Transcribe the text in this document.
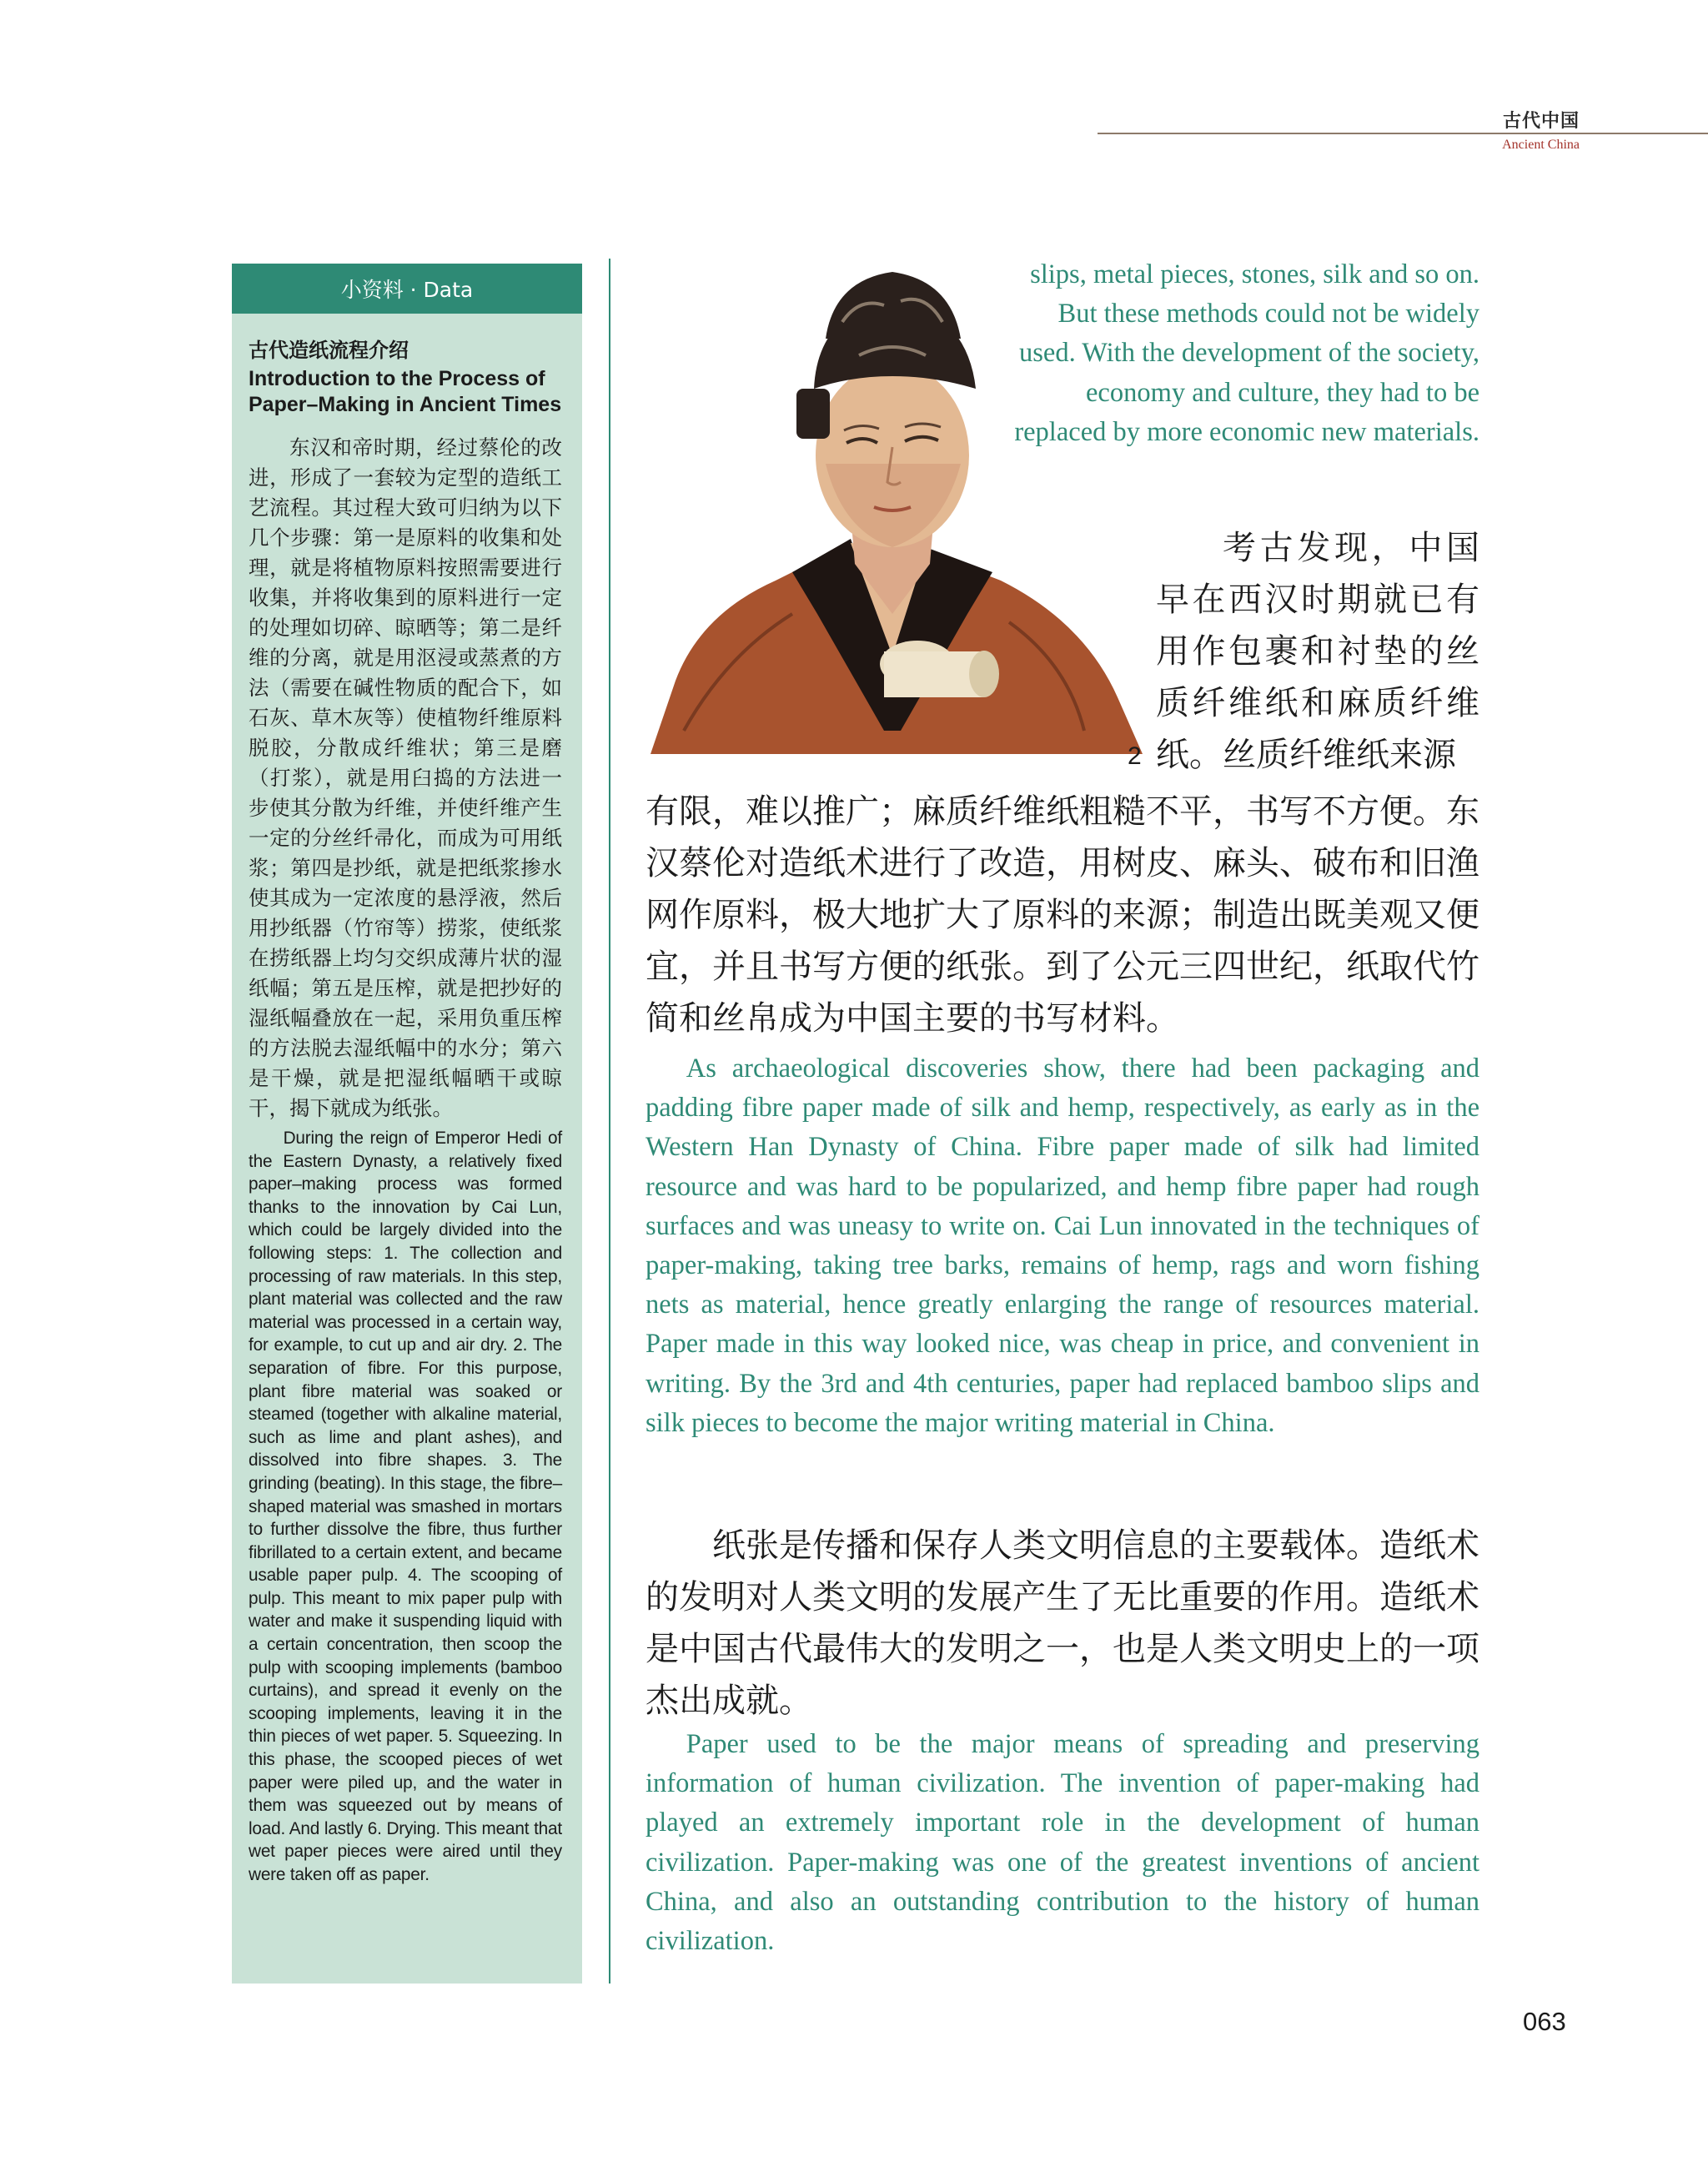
古代中国
Ancient China
小资料 · Data
古代造纸流程介绍
Introduction to the Process of Paper–Making in Ancient Times
东汉和帝时期，经过蔡伦的改进，形成了一套较为定型的造纸工艺流程。其过程大致可归纳为以下几个步骤：第一是原料的收集和处理，就是将植物原料按照需要进行收集，并将收集到的原料进行一定的处理如切碎、晾晒等；第二是纤维的分离，就是用沤浸或蒸煮的方法（需要在碱性物质的配合下，如石灰、草木灰等）使植物纤维原料脱胶，分散成纤维状；第三是磨（打浆），就是用臼捣的方法进一步使其分散为纤维，并使纤维产生一定的分丝纤帚化，而成为可用纸浆；第四是抄纸，就是把纸浆掺水使其成为一定浓度的悬浮液，然后用抄纸器（竹帘等）捞浆，使纸浆在捞纸器上均匀交织成薄片状的湿纸幅；第五是压榨，就是把抄好的湿纸幅叠放在一起，采用负重压榨的方法脱去湿纸幅中的水分；第六是干燥，就是把湿纸幅晒干或晾干，揭下就成为纸张。
During the reign of Emperor Hedi of the Eastern Dynasty, a relatively fixed paper–making process was formed thanks to the innovation by Cai Lun, which could be largely divided into the following steps: 1. The collection and processing of raw materials. In this step, plant material was collected and the raw material was processed in a certain way, for example, to cut up and air dry. 2. The separation of fibre. For this purpose, plant fibre material was soaked or steamed (together with alkaline material, such as lime and plant ashes), and dissolved into fibre shapes. 3. The grinding (beating). In this stage, the fibre–shaped material was smashed in mortars to further dissolve the fibre, thus further fibrillated to a certain extent, and became usable paper pulp. 4. The scooping of pulp. This meant to mix paper pulp with water and make it suspending liquid with a certain concentration, then scoop the pulp with scooping implements (bamboo curtains), and spread it evenly on the scooping implements, leaving it in the thin pieces of wet paper. 5. Squeezing. In this phase, the scooped pieces of wet paper were piled up, and the water in them was squeezed out by means of load. And lastly 6. Drying. This meant that wet paper pieces were aired until they were taken off as paper.
2
slips, metal pieces, stones, silk and so on. But these methods could not be widely used. With the development of the society, economy and culture, they had to be replaced by more economic new materials.
考古发现，中国早在西汉时期就已有用作包裹和衬垫的丝质纤维纸和麻质纤维纸。丝质纤维纸来源
有限，难以推广；麻质纤维纸粗糙不平，书写不方便。东汉蔡伦对造纸术进行了改造，用树皮、麻头、破布和旧渔网作原料，极大地扩大了原料的来源；制造出既美观又便宜，并且书写方便的纸张。到了公元三四世纪，纸取代竹简和丝帛成为中国主要的书写材料。
As archaeological discoveries show, there had been packaging and padding fibre paper made of silk and hemp, respectively, as early as in the Western Han Dynasty of China. Fibre paper made of silk had limited resource and was hard to be popularized, and hemp fibre paper had rough surfaces and was uneasy to write on. Cai Lun innovated in the techniques of paper-making, taking tree barks, remains of hemp, rags and worn fishing nets as material, hence greatly enlarging the range of resources material. Paper made in this way looked nice, was cheap in price, and convenient in writing. By the 3rd and 4th centuries, paper had replaced bamboo slips and silk pieces to become the major writing material in China.
纸张是传播和保存人类文明信息的主要载体。造纸术的发明对人类文明的发展产生了无比重要的作用。造纸术是中国古代最伟大的发明之一，也是人类文明史上的一项杰出成就。
Paper used to be the major means of spreading and preserving information of human civilization. The invention of paper-making had played an extremely important role in the development of human civilization. Paper-making was one of the greatest inventions of ancient China, and also an outstanding contribution to the history of human civilization.
063
